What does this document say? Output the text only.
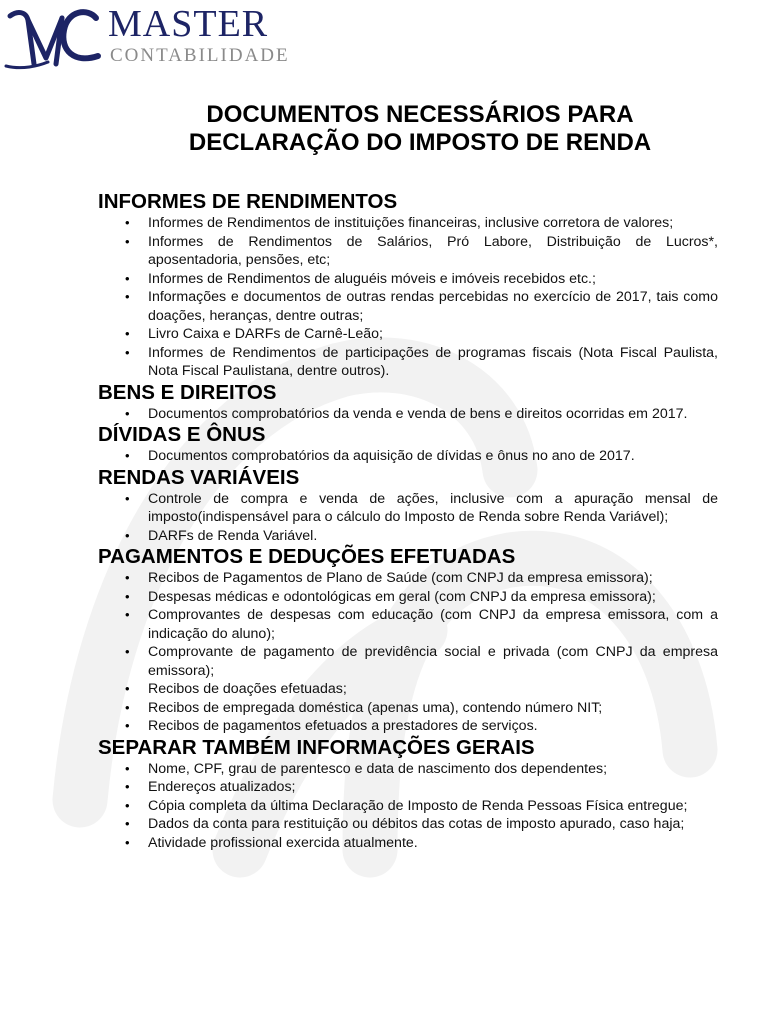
MASTER
CONTABILIDADE
DOCUMENTOS NECESSÁRIOS PARA
DECLARAÇÃO DO IMPOSTO DE RENDA
INFORMES DE RENDIMENTOS
• Informes de Rendimentos de instituições financeiras, inclusive corretora de valores;
• Informes de Rendimentos de Salários, Pró Labore, Distribuição de Lucros*, aposentadoria, pensões, etc;
• Informes de Rendimentos de aluguéis móveis e imóveis recebidos etc.;
• Informações e documentos de outras rendas percebidas no exercício de 2017, tais como doações, heranças, dentre outras;
• Livro Caixa e DARFs de Carnê-Leão;
• Informes de Rendimentos de participações de programas fiscais (Nota Fiscal Paulista, Nota Fiscal Paulistana, dentre outros).
BENS E DIREITOS
• Documentos comprobatórios da venda e venda de bens e direitos ocorridas em 2017.
DÍVIDAS E ÔNUS
• Documentos comprobatórios da aquisição de dívidas e ônus no ano de 2017.
RENDAS VARIÁVEIS
• Controle de compra e venda de ações, inclusive com a apuração mensal de imposto(indispensável para o cálculo do Imposto de Renda sobre Renda Variável);
• DARFs de Renda Variável.
PAGAMENTOS E DEDUÇÕES EFETUADAS
• Recibos de Pagamentos de Plano de Saúde (com CNPJ da empresa emissora);
• Despesas médicas e odontológicas em geral (com CNPJ da empresa emissora);
• Comprovantes de despesas com educação (com CNPJ da empresa emissora, com a indicação do aluno);
• Comprovante de pagamento de previdência social e privada (com CNPJ da empresa emissora);
• Recibos de doações efetuadas;
• Recibos de empregada doméstica (apenas uma), contendo número NIT;
• Recibos de pagamentos efetuados a prestadores de serviços.
SEPARAR TAMBÉM INFORMAÇÕES GERAIS
• Nome, CPF, grau de parentesco e data de nascimento dos dependentes;
• Endereços atualizados;
• Cópia completa da última Declaração de Imposto de Renda Pessoas Física entregue;
• Dados da conta para restituição ou débitos das cotas de imposto apurado, caso haja;
• Atividade profissional exercida atualmente.
